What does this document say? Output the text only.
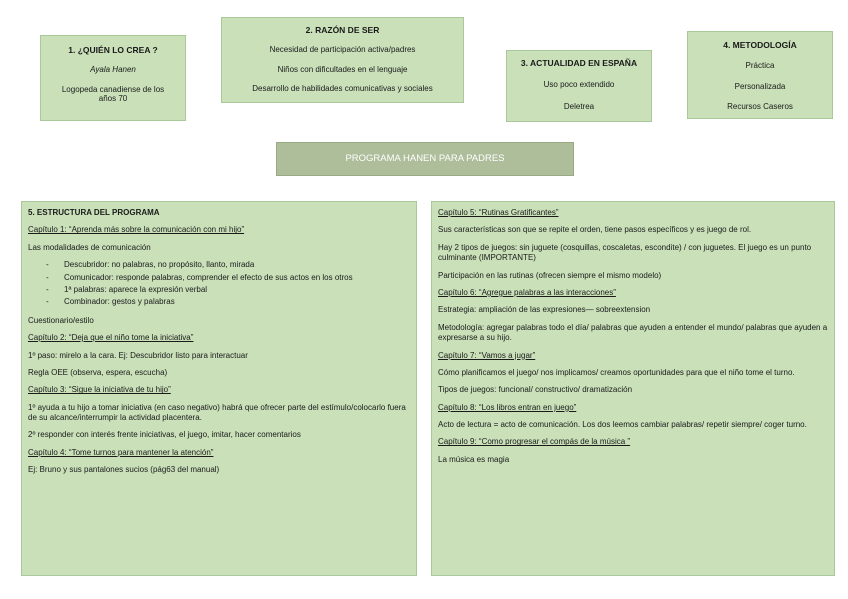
1. ¿QUIÉN LO CREA ?

Ayala Hanen

Logopeda canadiense de los años 70

2. RAZÓN DE SER

Necesidad de participación activa/padres

Niños con dificultades en el lenguaje

Desarrollo de habilidades comunicativas y sociales

3. ACTUALIDAD EN ESPAÑA

Uso poco extendido

Deletrea

4. METODOLOGÍA

Práctica

Personalizada

Recursos Caseros

PROGRAMA HANEN PARA PADRES

5. ESTRUCTURA DEL PROGRAMA

Capítulo 1: “Aprenda más sobre la comunicación con mi hijo”

Las modalidades de comunicación

- Descubridor: no palabras, no propósito, llanto, mirada
- Comunicador: responde palabras, comprender el efecto de sus actos en los otros
- 1ª palabras: aparece la expresión verbal
- Combinador: gestos y palabras

Cuestionario/estilo

Capítulo 2: “Deja que el niño tome la iniciativa”

1º paso: mirelo a la cara. Ej: Descubridor listo para interactuar

Regla OEE (observa, espera, escucha)

Capítulo 3: “Sigue la iniciativa de tu hijo”

1º ayuda a tu hijo a tomar iniciativa (en caso negativo) habrá que ofrecer parte del estímulo/colocarlo fuera de su alcance/interrumpir la actividad placentera.

2º responder con interés frente iniciativas, el juego, imitar, hacer comentarios

Capítulo 4: “Tome turnos para mantener la atención”

Ej: Bruno y sus pantalones sucios (pág63 del manual)

Capítulo 5: “Rutinas Gratificantes”

Sus características son que se repite el orden, tiene pasos específicos y es juego de rol.

Hay 2 tipos de juegos: sin juguete (cosquillas, coscaletas, escondite) / con juguetes. El juego es un punto culminante (IMPORTANTE)

Participación en las rutinas (ofrecen siempre el mismo modelo)

Capítulo 6: “Agregue palabras a las interacciones”

Estrategia: ampliación de las expresiones— sobreextension

Metodología: agregar palabras todo el día/ palabras que ayuden a entender el mundo/ palabras que ayuden a expresarse a su hijo.

Capítulo 7: “Vamos a jugar”

Cómo planificamos el juego/ nos implicamos/ creamos oportunidades para que el niño tome el turno.

Tipos de juegos: funcional/ constructivo/ dramatización

Capítulo 8: “Los libros entran en juego”

Acto de lectura = acto de comunicación. Los dos leemos cambiar palabras/ repetir siempre/ coger turno.

Capítulo 9: “Como progresar el compás de la música ”

La música es magia
